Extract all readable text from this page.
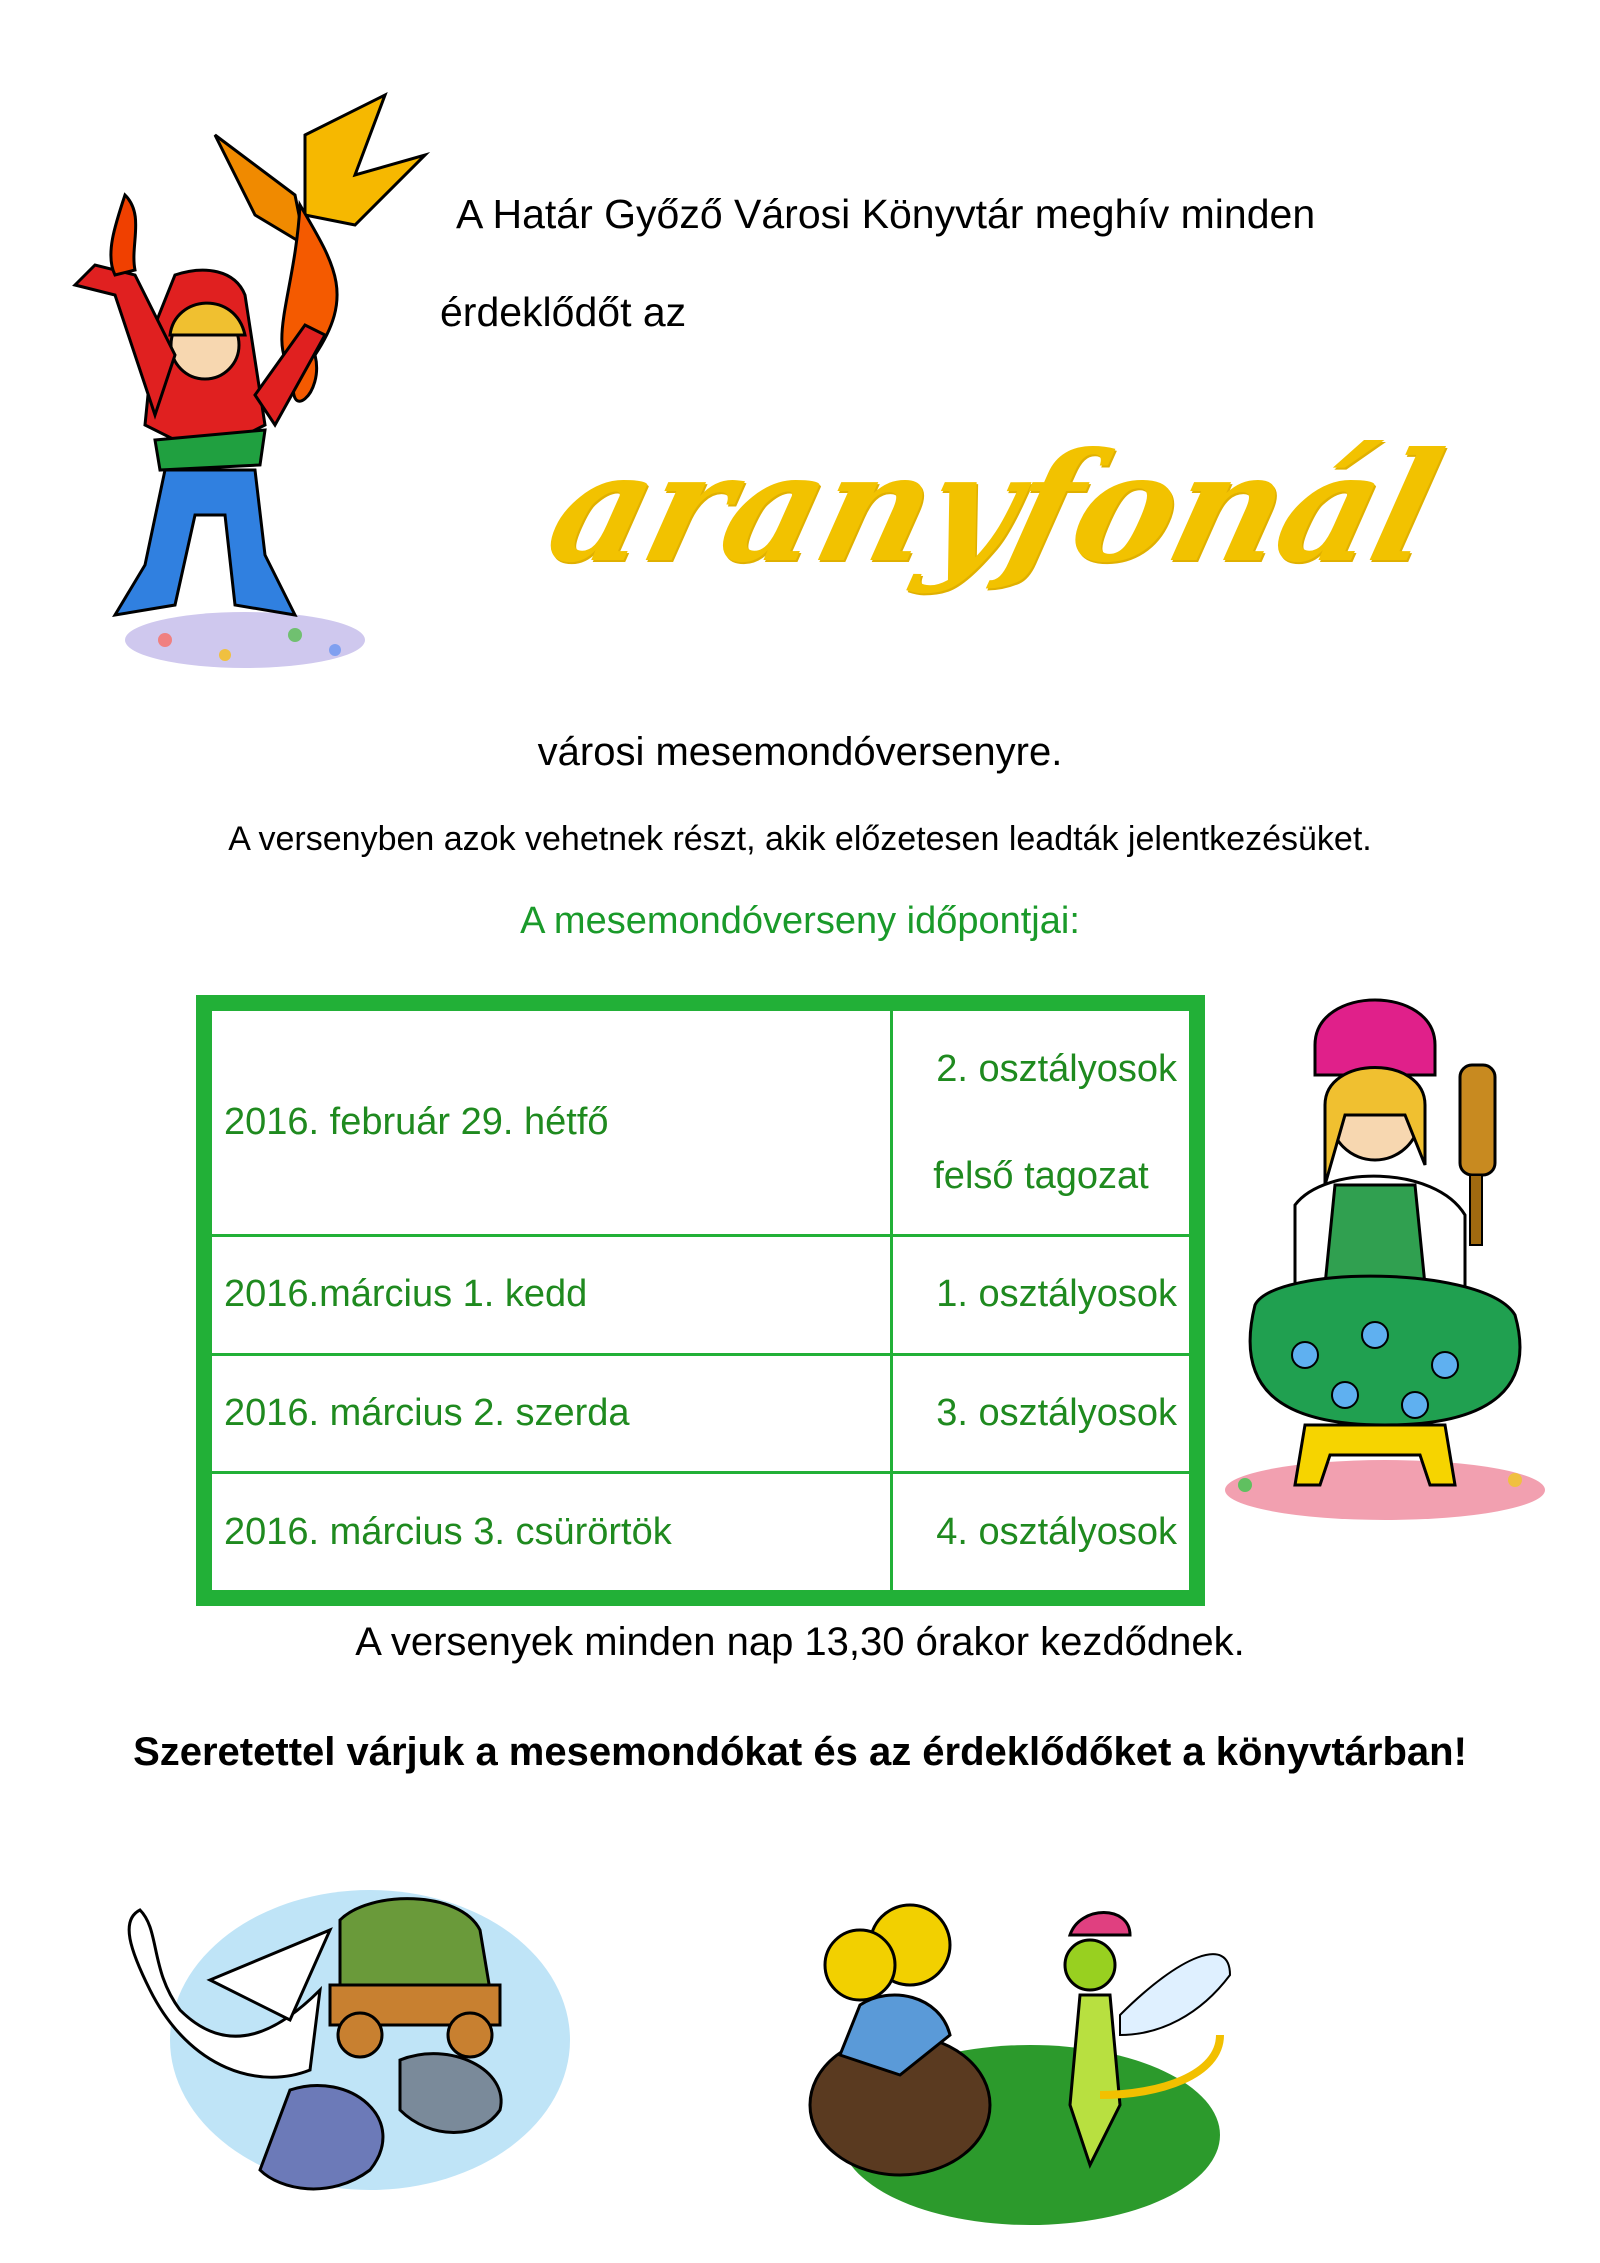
A Határ Győző Városi Könyvtár meghív minden
érdeklődőt az
aranyfonál
városi mesemondóversenyre.
A versenyben azok vehetnek részt, akik előzetesen leadták jelentkezésüket.
A mesemondóverseny időpontjai:
2016. február 29. hétfő	2. osztályosok
felső tagozat

2016.március 1. kedd	1. osztályosok
2016. március 2. szerda	3. osztályosok
2016. március 3. csürörtök	4. osztályosok
A versenyek minden nap 13,30 órakor kezdődnek.
Szeretettel várjuk a mesemondókat és az érdeklődőket a könyvtárban!
